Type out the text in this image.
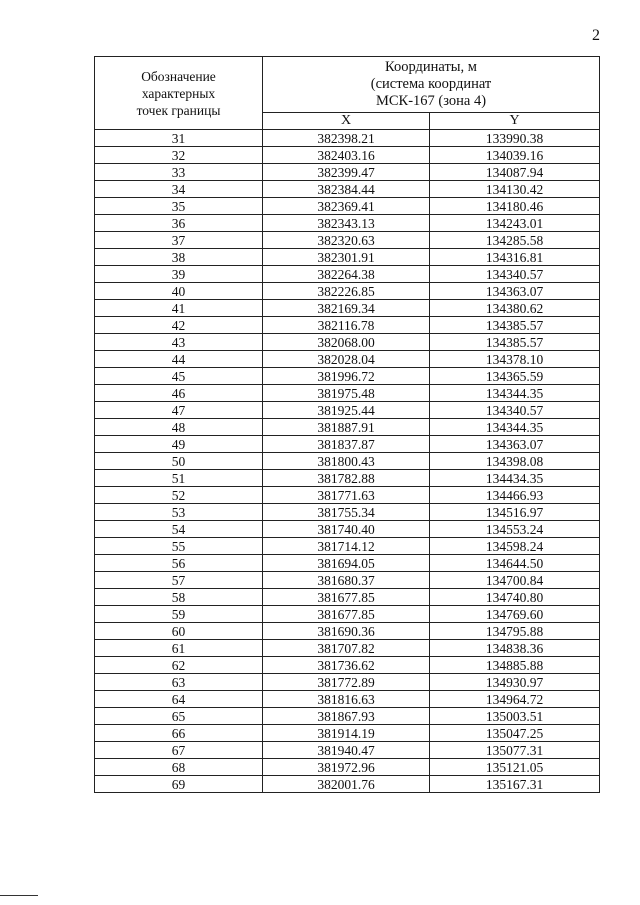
2
Обозначение
характерных
точек границы	Координаты, м
(система координат
МСК-167 (зона 4)	
	X	Y
31	382398.21	133990.38
32	382403.16	134039.16
33	382399.47	134087.94
34	382384.44	134130.42
35	382369.41	134180.46
36	382343.13	134243.01
37	382320.63	134285.58
38	382301.91	134316.81
39	382264.38	134340.57
40	382226.85	134363.07
41	382169.34	134380.62
42	382116.78	134385.57
43	382068.00	134385.57
44	382028.04	134378.10
45	381996.72	134365.59
46	381975.48	134344.35
47	381925.44	134340.57
48	381887.91	134344.35
49	381837.87	134363.07
50	381800.43	134398.08
51	381782.88	134434.35
52	381771.63	134466.93
53	381755.34	134516.97
54	381740.40	134553.24
55	381714.12	134598.24
56	381694.05	134644.50
57	381680.37	134700.84
58	381677.85	134740.80
59	381677.85	134769.60
60	381690.36	134795.88
61	381707.82	134838.36
62	381736.62	134885.88
63	381772.89	134930.97
64	381816.63	134964.72
65	381867.93	135003.51
66	381914.19	135047.25
67	381940.47	135077.31
68	381972.96	135121.05
69	382001.76	135167.31
